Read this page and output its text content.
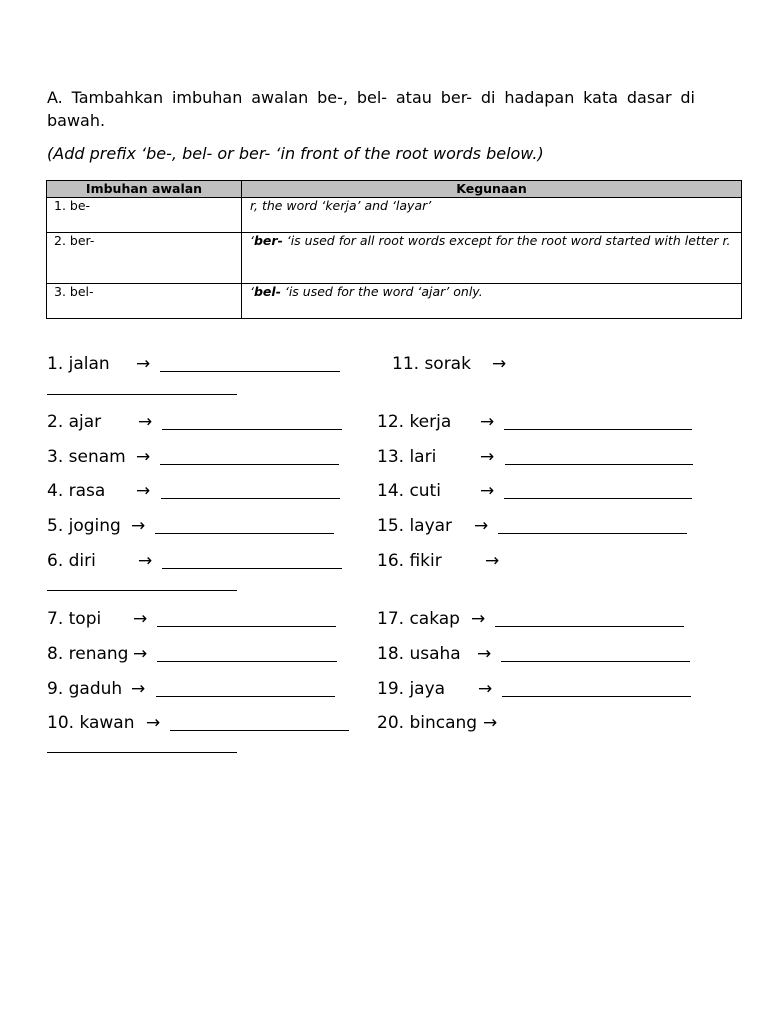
A. Tambahkan imbuhan awalan be-, bel- atau ber- di hadapan kata dasar di bawah.

(Add prefix ‘be-, bel- or ber- ‘in front of the root words below.)

Imbuhan awalan	Kegunaan
1. be-	r, the word ‘kerja’ and ‘layar’
2. ber-	‘ber- ‘is used for all root words except for the root word started with letter r.
3. bel-	‘bel- ‘is used for the word ‘ajar’ only.
1. jalan →
2. ajar →
3. senam →
4. rasa →
5. joging →
6. diri →
7. topi →
8. renang →
9. gaduh →
10. kawan →
11. sorak →
12. kerja →
13. lari	→
14. cuti →
15. layar →
16. fikir	→
17. cakap →
18. usaha →
19. jaya →
20. bincang →
